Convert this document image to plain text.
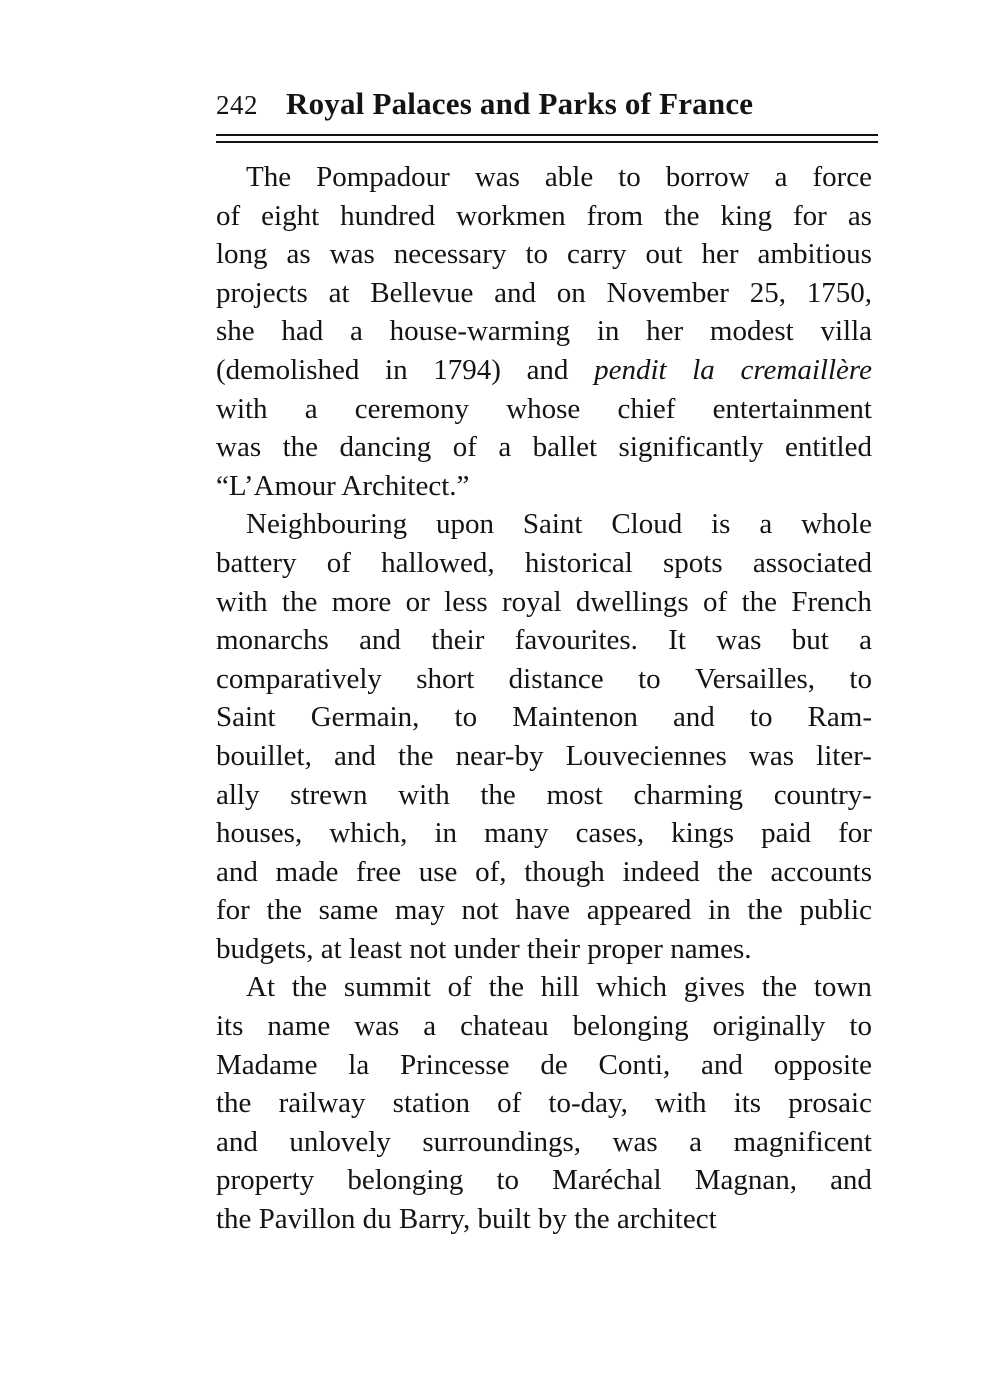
242 Royal Palaces and Parks of France
The Pompadour was able to borrow a force
of eight hundred workmen from the king for as
long as was necessary to carry out her ambitious
projects at Bellevue and on November 25, 1750,
she had a house-warming in her modest villa
(demolished in 1794) and pendit la cremaillère
with a ceremony whose chief entertainment
was the dancing of a ballet significantly entitled
“L’Amour Architect.”
Neighbouring upon Saint Cloud is a whole
battery of hallowed, historical spots associated
with the more or less royal dwellings of the French
monarchs and their favourites. It was but a
comparatively short distance to Versailles, to
Saint Germain, to Maintenon and to Ram-
bouillet, and the near-by Louveciennes was liter-
ally strewn with the most charming country-
houses, which, in many cases, kings paid for
and made free use of, though indeed the accounts
for the same may not have appeared in the public
budgets, at least not under their proper names.
At the summit of the hill which gives the town
its name was a chateau belonging originally to
Madame la Princesse de Conti, and opposite
the railway station of to-day, with its prosaic
and unlovely surroundings, was a magnificent
property belonging to Maréchal Magnan, and
the Pavillon du Barry, built by the architect
